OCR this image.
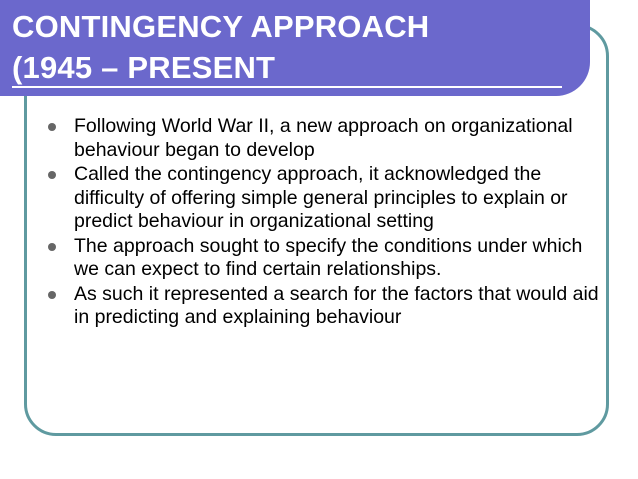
CONTINGENCY APPROACH
(1945 – PRESENT
Following World War II, a new approach on organizational behaviour began to develop
Called the contingency approach, it acknowledged the difficulty of offering simple general principles to explain or predict behaviour in organizational setting
The approach sought to specify the conditions under which we can expect to find certain relationships.
As such it represented a search for the factors that would aid in predicting and explaining behaviour
